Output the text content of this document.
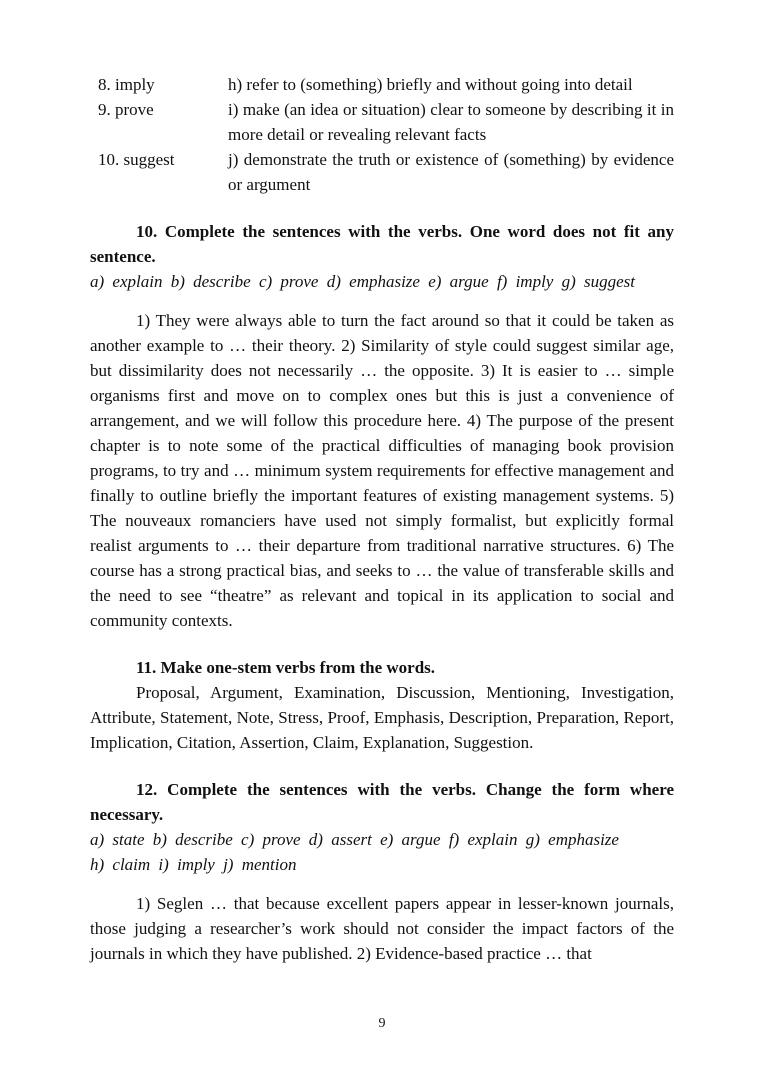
8. imply	h) refer to (something) briefly and without going into detail
9. prove	i) make (an idea or situation) clear to someone by describing it in more detail or revealing relevant facts
10. suggest	j) demonstrate the truth or existence of (something) by evidence or argument
10. Complete the sentences with the verbs. One word does not fit any sentence.
a) explain b) describe c) prove d) emphasize e) argue f) imply g) suggest
1) They were always able to turn the fact around so that it could be taken as another example to … their theory. 2) Similarity of style could suggest similar age, but dissimilarity does not necessarily … the opposite. 3) It is easier to … simple organisms first and move on to complex ones but this is just a convenience of arrangement, and we will follow this procedure here. 4) The purpose of the present chapter is to note some of the practical difficulties of managing book provision programs, to try and … minimum system requirements for effective management and finally to outline briefly the important features of existing management systems. 5) The nouveaux romanciers have used not simply formalist, but explicitly formal realist arguments to … their departure from traditional narrative structures. 6) The course has a strong practical bias, and seeks to … the value of transferable skills and the need to see “theatre” as relevant and topical in its application to social and community contexts.
11. Make one-stem verbs from the words.
Proposal, Argument, Examination, Discussion, Mentioning, Investigation, Attribute, Statement, Note, Stress, Proof, Emphasis, Description, Preparation, Report, Implication, Citation, Assertion, Claim, Explanation, Suggestion.
12. Complete the sentences with the verbs. Change the form where necessary.
a) state b) describe c) prove d) assert e) argue f) explain g) emphasize
h) claim i) imply j) mention
1) Seglen … that because excellent papers appear in lesser-known journals, those judging a researcher’s work should not consider the impact factors of the journals in which they have published. 2) Evidence-based practice … that
9
